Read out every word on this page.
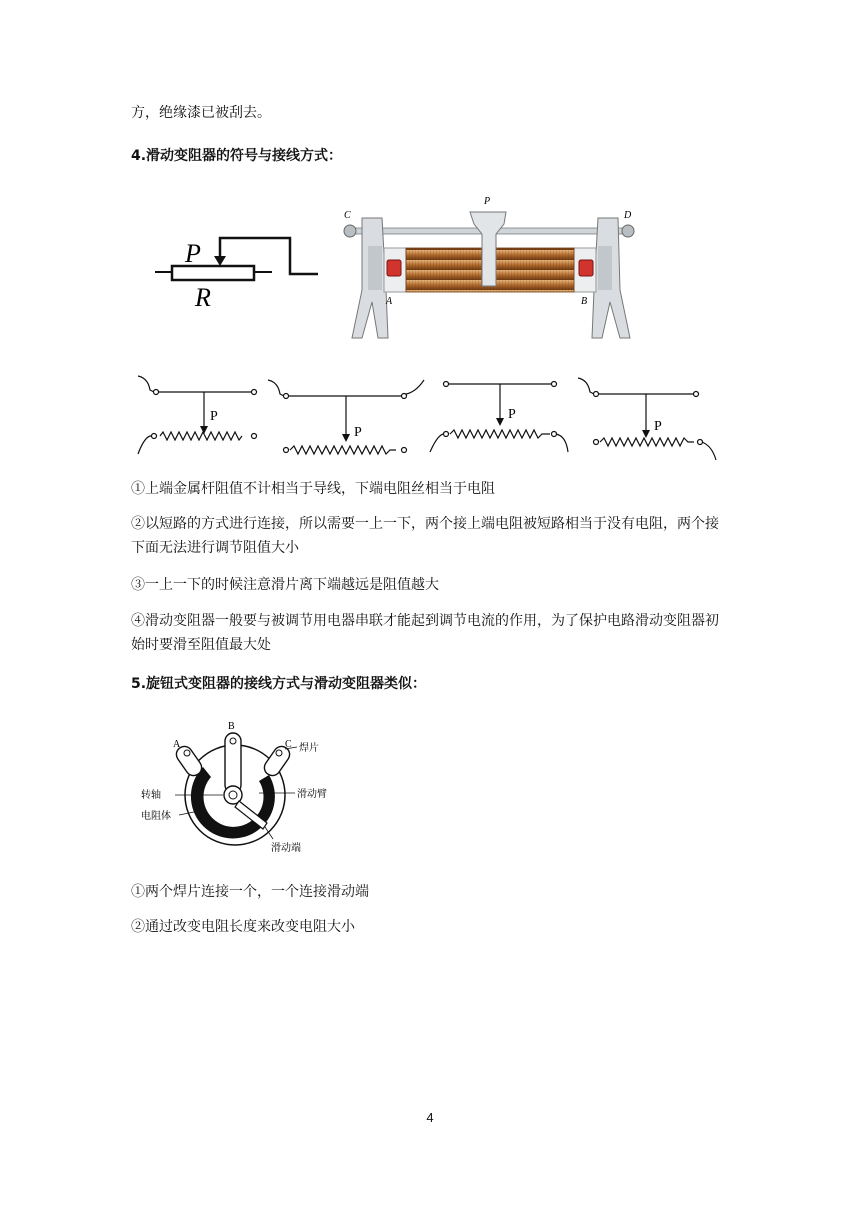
方，绝缘漆已被刮去。

4.滑动变阻器的符号与接线方式：

P
R
P
C	D
A	B
P
P
P
P

①上端金属杆阻值不计相当于导线，下端电阻丝相当于电阻

②以短路的方式进行连接，所以需要一上一下，两个接上端电阻被短路相当于没有电阻，两个接下面无法进行调节阻值大小

③一上一下的时候注意滑片离下端越远是阻值越大

④滑动变阻器一般要与被调节用电器串联才能起到调节电流的作用，为了保护电路滑动变阻器初始时要滑至阻值最大处

5.旋钮式变阻器的接线方式与滑动变阻器类似：

A
B
C 焊片
转轴	滑动臂
电阻体
滑动端

①两个焊片连接一个，一个连接滑动端

②通过改变电阻长度来改变电阻大小

4
